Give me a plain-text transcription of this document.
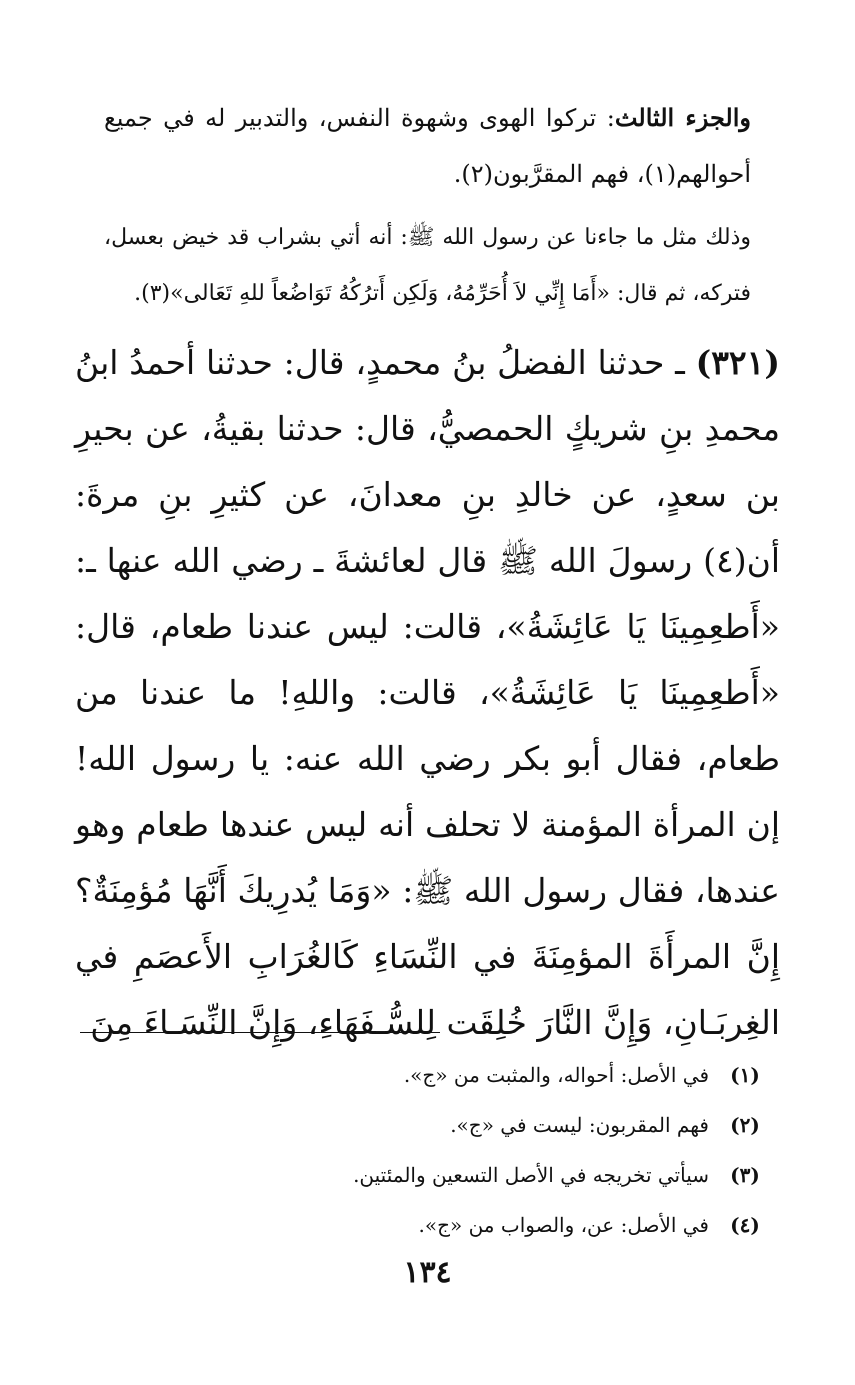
والجزء الثالث: تركوا الهوى وشهوة النفس، والتدبير له في جميع أحوالهم(١)، فهم المقرَّبون(٢).
وذلك مثل ما جاءنا عن رسول الله ﷺ: أنه أتي بشراب قد خيض بعسل، فتركه، ثم قال: «أَمَا إِنِّي لاَ أُحَرِّمُهُ، وَلَكِن أَترُكُهُ تَوَاضُعاً للهِ تَعَالى»(٣).
(٣٢١) ـ حدثنا الفضلُ بنُ محمدٍ، قال: حدثنا أحمدُ ابنُ محمدِ بنِ شريكٍ الحمصيُّ، قال: حدثنا بقيةُ، عن بحيرِ بن سعدٍ، عن خالدِ بنِ معدانَ، عن كثيرِ بنِ مرةَ: أن(٤) رسولَ الله ﷺ قال لعائشةَ ـ رضي الله عنها ـ: «أَطعِمِينَا يَا عَائِشَةُ»، قالت: ليس عندنا طعام، قال: «أَطعِمِينَا يَا عَائِشَةُ»، قالت: واللهِ! ما عندنا من طعام، فقال أبو بكر رضي الله عنه: يا رسول الله! إن المرأة المؤمنة لا تحلف أنه ليس عندها طعام وهو عندها، فقال رسول الله ﷺ: «وَمَا يُدرِيكَ أَنَّهَا مُؤمِنَةٌ؟ إِنَّ المرأَةَ المؤمِنَةَ في النِّسَاءِ كَالغُرَابِ الأَعصَمِ في الغِربَـانِ، وَإِنَّ النَّارَ خُلِقَت لِلسُّـفَهَاءِ، وَإِنَّ النِّسَـاءَ مِنَ
(١)
في الأصل: أحواله، والمثبت من «ج».
(٢)
فهم المقربون: ليست في «ج».
(٣)
سيأتي تخريجه في الأصل التسعين والمئتين.
(٤)
في الأصل: عن، والصواب من «ج».
١٣٤
